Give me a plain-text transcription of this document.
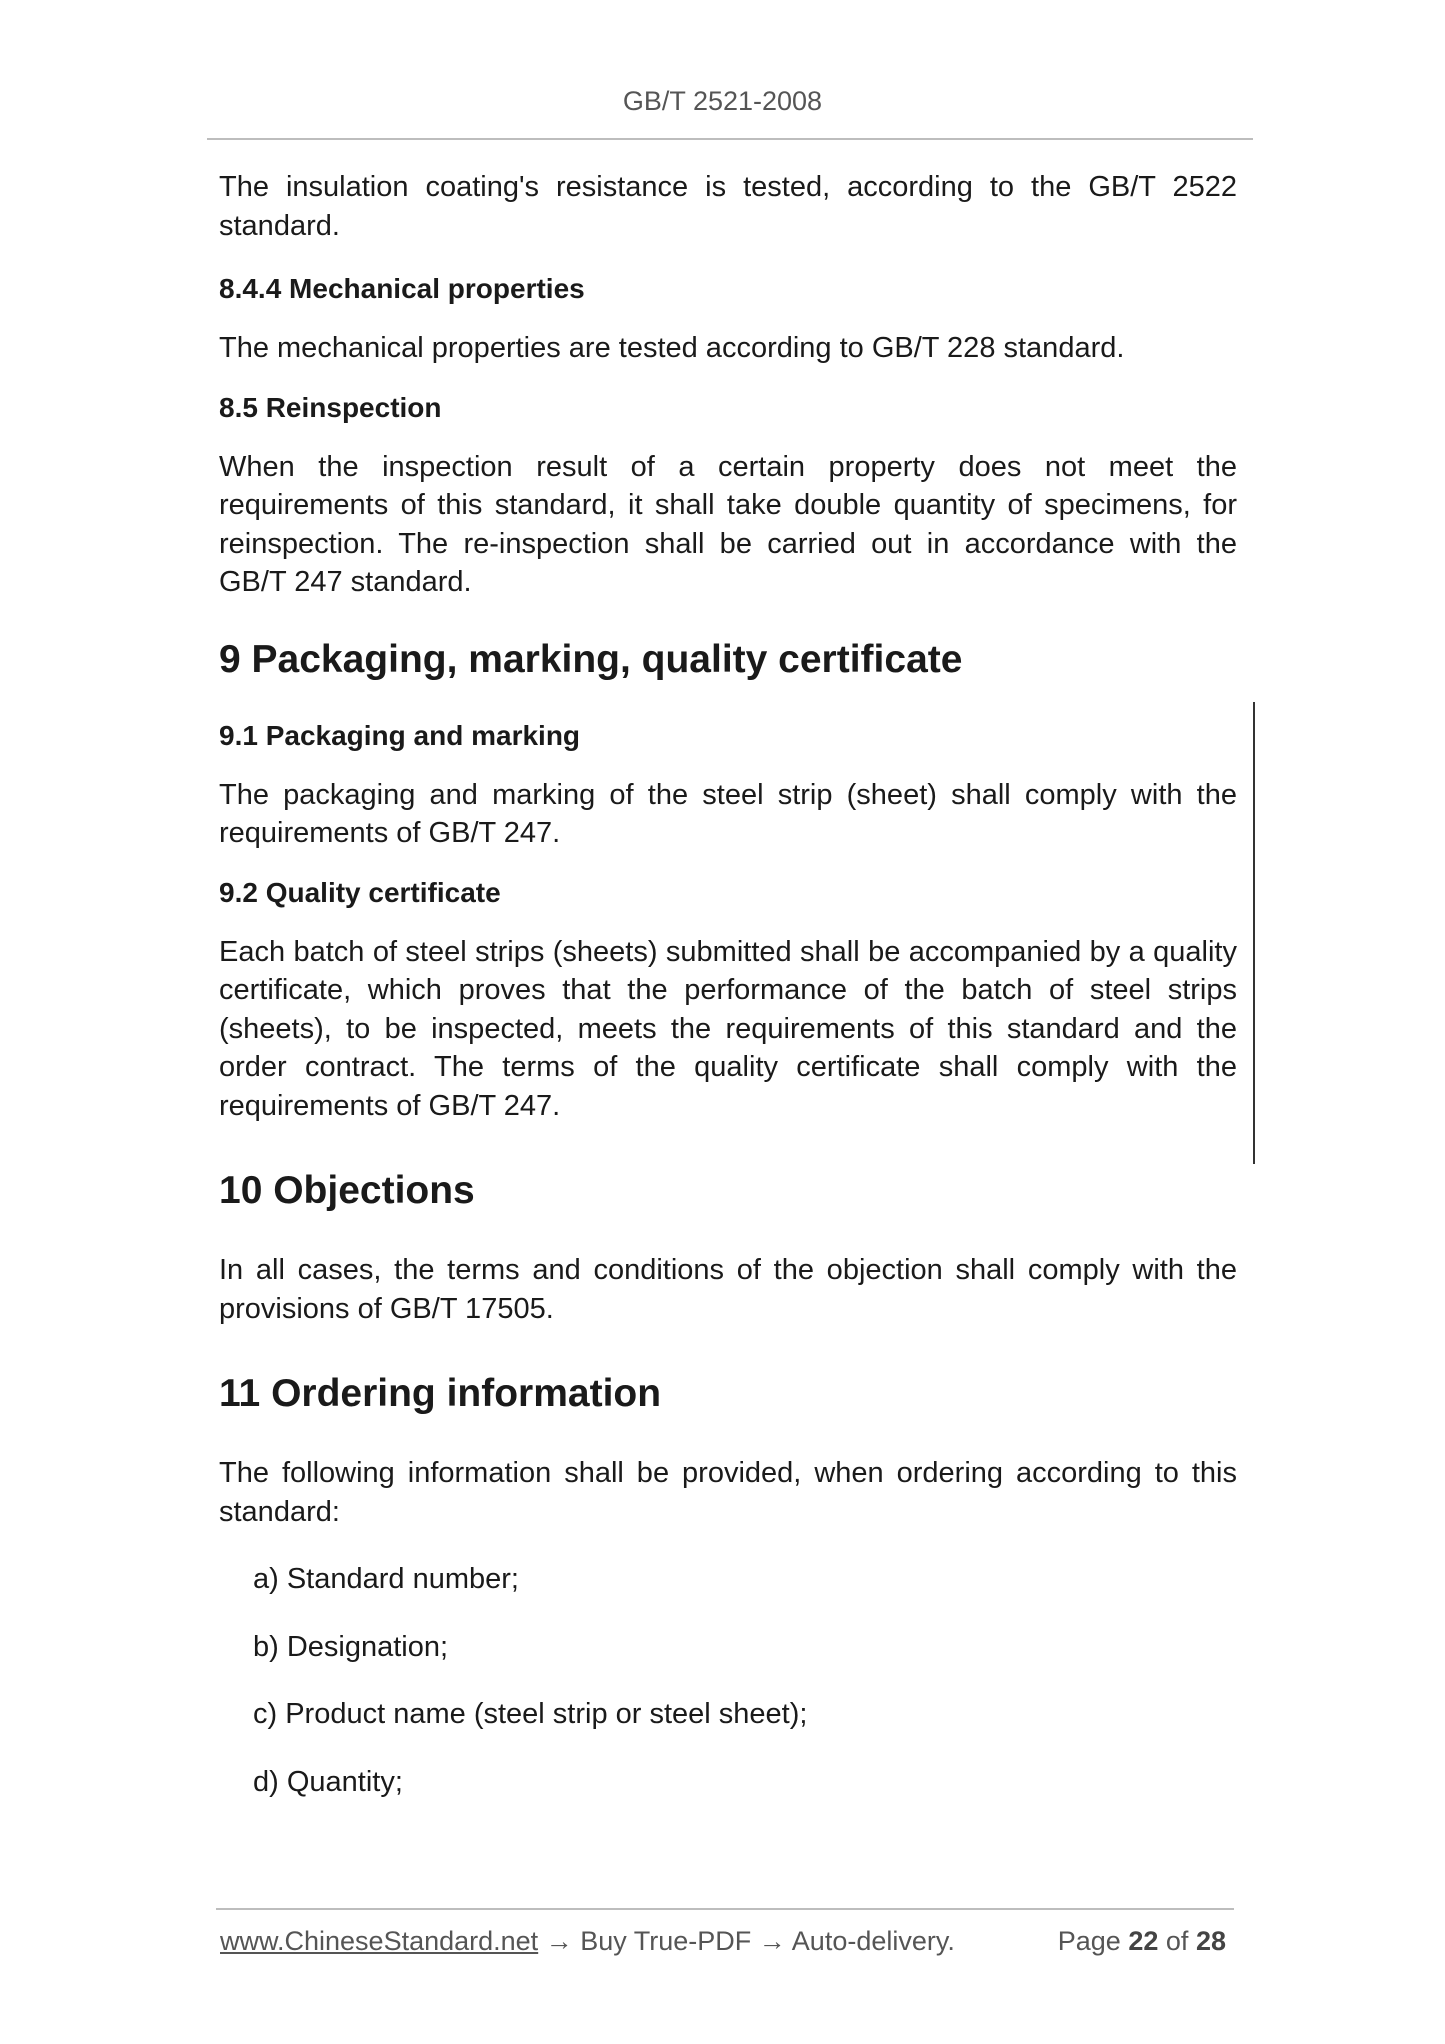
GB/T 2521-2008

The insulation coating's resistance is tested, according to the GB/T 2522 standard.

8.4.4 Mechanical properties

The mechanical properties are tested according to GB/T 228 standard.

8.5 Reinspection

When the inspection result of a certain property does not meet the requirements of this standard, it shall take double quantity of specimens, for reinspection. The re-inspection shall be carried out in accordance with the GB/T 247 standard.

9 Packaging, marking, quality certificate
9.1 Packaging and marking

The packaging and marking of the steel strip (sheet) shall comply with the requirements of GB/T 247.

9.2 Quality certificate

Each batch of steel strips (sheets) submitted shall be accompanied by a quality certificate, which proves that the performance of the batch of steel strips (sheets), to be inspected, meets the requirements of this standard and the order contract. The terms of the quality certificate shall comply with the requirements of GB/T 247.

10 Objections

In all cases, the terms and conditions of the objection shall comply with the provisions of GB/T 17505.

11 Ordering information

The following information shall be provided, when ordering according to this standard:

a) Standard number;

b) Designation;

c) Product name (steel strip or steel sheet);

d) Quantity;

www.ChineseStandard.net → Buy True-PDF → Auto-delivery.	Page 22 of 28
